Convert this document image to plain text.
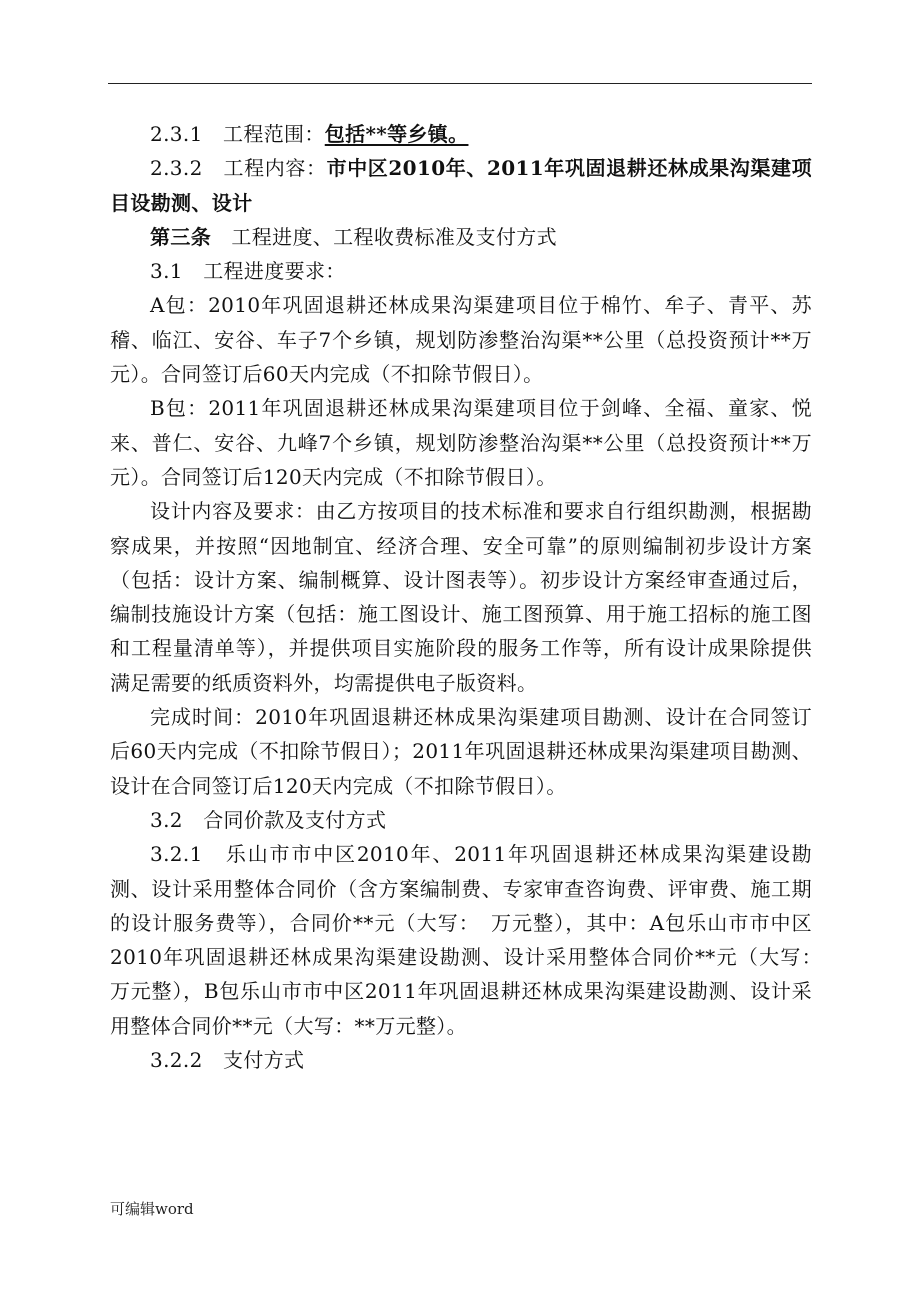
2.3.1　工程范围：包括**等乡镇。

2.3.2　工程内容：市中区2010年、2011年巩固退耕还林成果沟渠建项目设勘测、设计

第三条　工程进度、工程收费标准及支付方式

3.1　工程进度要求：

A包：2010年巩固退耕还林成果沟渠建项目位于棉竹、牟子、青平、苏稽、临江、安谷、车子7个乡镇，规划防渗整治沟渠**公里（总投资预计**万元）。合同签订后60天内完成（不扣除节假日）。

B包：2011年巩固退耕还林成果沟渠建项目位于剑峰、全福、童家、悦来、普仁、安谷、九峰7个乡镇，规划防渗整治沟渠**公里（总投资预计**万元）。合同签订后120天内完成（不扣除节假日）。

设计内容及要求：由乙方按项目的技术标准和要求自行组织勘测，根据勘察成果，并按照“因地制宜、经济合理、安全可靠”的原则编制初步设计方案（包括：设计方案、编制概算、设计图表等）。初步设计方案经审查通过后，编制技施设计方案（包括：施工图设计、施工图预算、用于施工招标的施工图和工程量清单等），并提供项目实施阶段的服务工作等，所有设计成果除提供满足需要的纸质资料外，均需提供电子版资料。

完成时间：2010年巩固退耕还林成果沟渠建项目勘测、设计在合同签订后60天内完成（不扣除节假日）；2011年巩固退耕还林成果沟渠建项目勘测、设计在合同签订后120天内完成（不扣除节假日）。

3.2　合同价款及支付方式

3.2.1　乐山市市中区2010年、2011年巩固退耕还林成果沟渠建设勘测、设计采用整体合同价（含方案编制费、专家审查咨询费、评审费、施工期的设计服务费等），合同价**元（大写：　万元整），其中：A包乐山市市中区2010年巩固退耕还林成果沟渠建设勘测、设计采用整体合同价**元（大写：　万元整），B包乐山市市中区2011年巩固退耕还林成果沟渠建设勘测、设计采用整体合同价**元（大写：**万元整）。

3.2.2　支付方式

可编辑word
